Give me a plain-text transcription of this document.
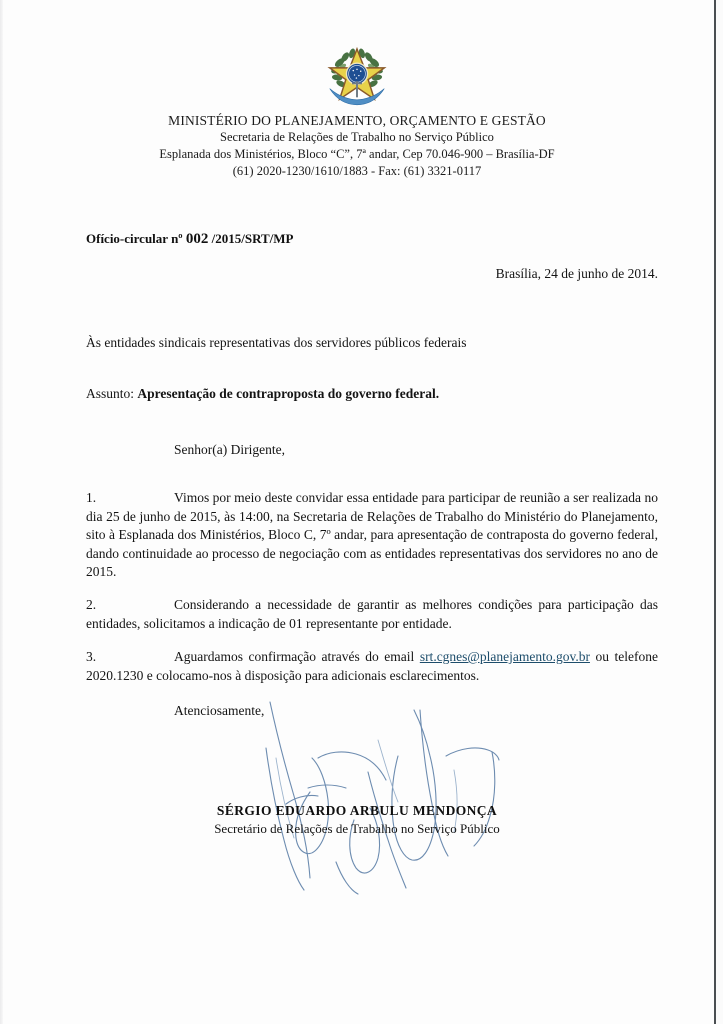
MINISTÉRIO DO PLANEJAMENTO, ORÇAMENTO E GESTÃO
Secretaria de Relações de Trabalho no Serviço Público
Esplanada dos Ministérios, Bloco “C”, 7ª andar, Cep 70.046-900 – Brasília-DF
(61) 2020-1230/1610/1883 - Fax: (61) 3321-0117
Ofício-circular nº 002 /2015/SRT/MP
Brasília, 24 de junho de 2014.
Às entidades sindicais representativas dos servidores públicos federais
Assunto: Apresentação de contraproposta do governo federal.
Senhor(a) Dirigente,
1.	Vimos por meio deste convidar essa entidade para participar de reunião a ser realizada no dia 25 de junho de 2015, às 14:00, na Secretaria de Relações de Trabalho do Ministério do Planejamento, sito à Esplanada dos Ministérios, Bloco C, 7º andar, para apresentação de contraposta do governo federal, dando continuidade ao processo de negociação com as entidades representativas dos servidores no ano de 2015.
2.	Considerando a necessidade de garantir as melhores condições para participação das entidades, solicitamos a indicação de 01 representante por entidade.
3.	Aguardamos confirmação através do email srt.cgnes@planejamento.gov.br ou telefone 2020.1230 e colocamo-nos à disposição para adicionais esclarecimentos.
Atenciosamente,
SÉRGIO EDUARDO ARBULU MENDONÇA
Secretário de Relações de Trabalho no Serviço Público
